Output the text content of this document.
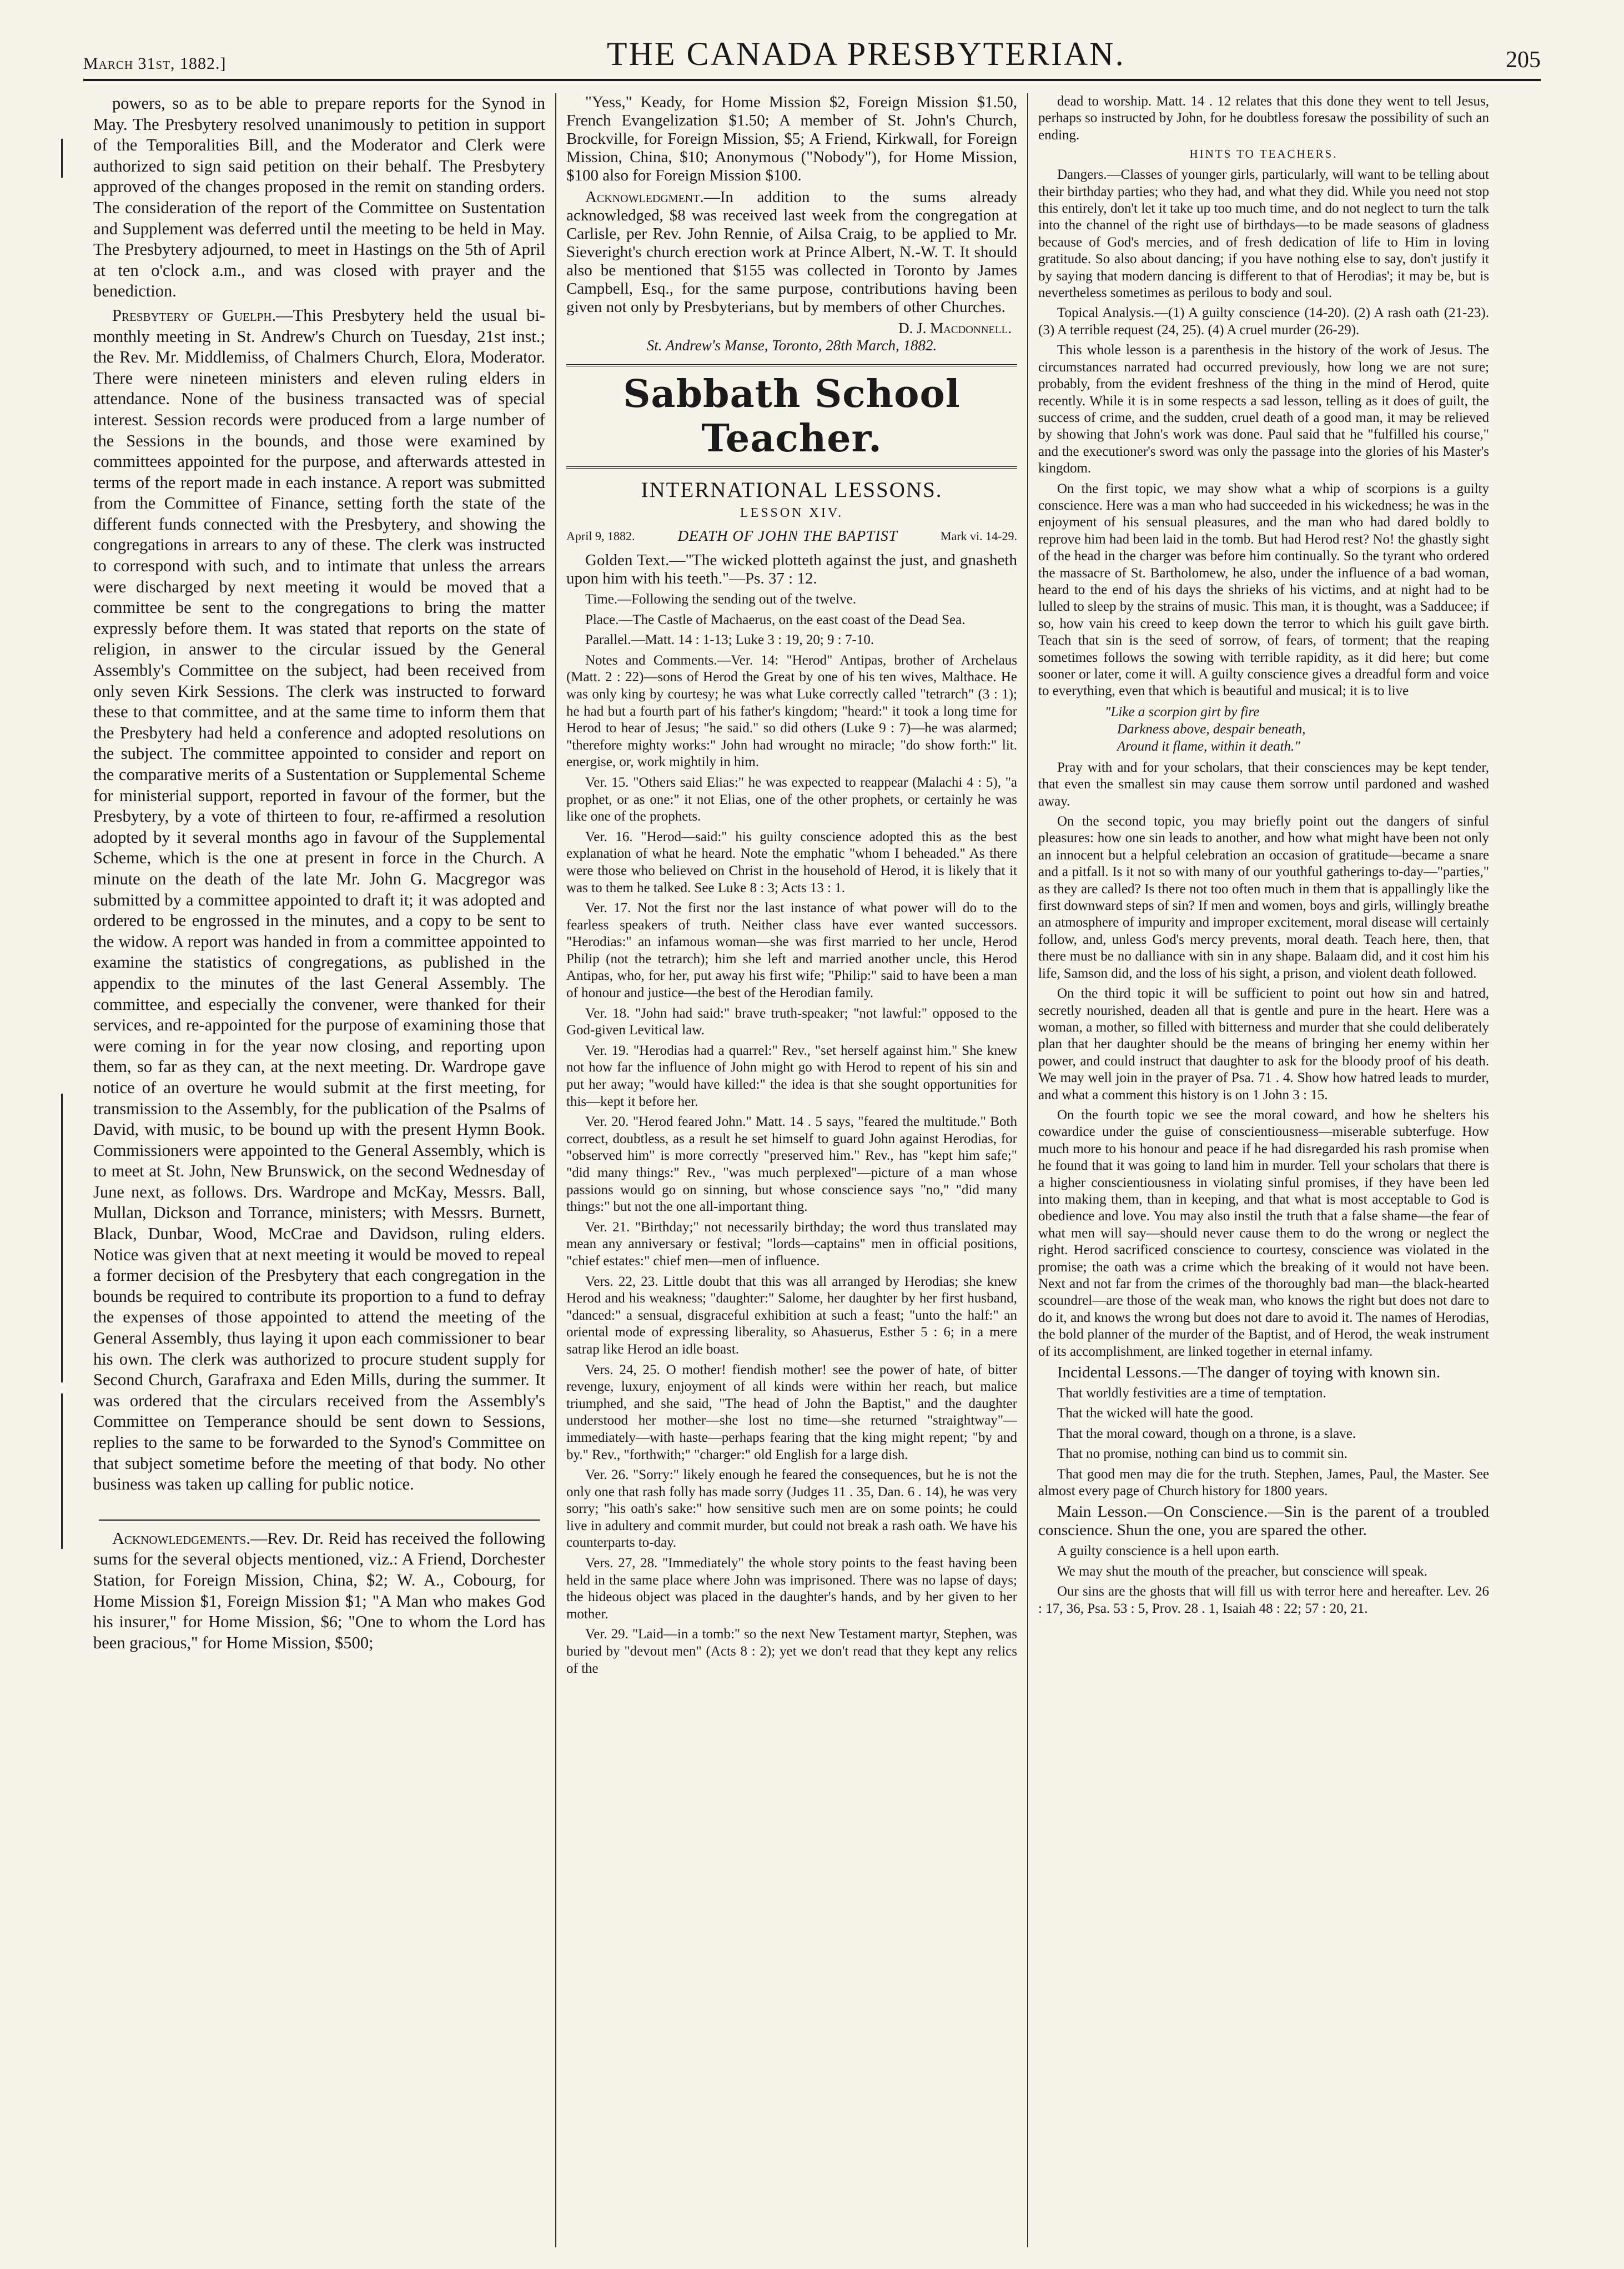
March 31st, 1882.]	THE CANADA PRESBYTERIAN.	205

powers, so as to be able to prepare reports for the Synod in May. The Presbytery resolved unanimously to petition in support of the Temporalities Bill, and the Moderator and Clerk were authorized to sign said petition on their behalf. The Presbytery approved of the changes proposed in the remit on standing orders. The consideration of the report of the Committee on Sustentation and Supplement was deferred until the meeting to be held in May. The Presbytery adjourned, to meet in Hastings on the 5th of April at ten o'clock a.m., and was closed with prayer and the benediction.

Presbytery of Guelph.—This Presbytery held the usual bi-monthly meeting in St. Andrew's Church on Tuesday, 21st inst.; the Rev. Mr. Middlemiss, of Chalmers Church, Elora, Moderator. There were nineteen ministers and eleven ruling elders in attendance. None of the business transacted was of special interest. Session records were produced from a large number of the Sessions in the bounds, and those were examined by committees appointed for the purpose, and afterwards attested in terms of the report made in each instance. A report was submitted from the Committee of Finance, setting forth the state of the different funds connected with the Presbytery, and showing the congregations in arrears to any of these. The clerk was instructed to correspond with such, and to intimate that unless the arrears were discharged by next meeting it would be moved that a committee be sent to the congregations to bring the matter expressly before them. It was stated that reports on the state of religion, in answer to the circular issued by the General Assembly's Committee on the subject, had been received from only seven Kirk Sessions. The clerk was instructed to forward these to that committee, and at the same time to inform them that the Presbytery had held a conference and adopted resolutions on the subject. The committee appointed to consider and report on the comparative merits of a Sustentation or Supplemental Scheme for ministerial support, reported in favour of the former, but the Presbytery, by a vote of thirteen to four, re-affirmed a resolution adopted by it several months ago in favour of the Supplemental Scheme, which is the one at present in force in the Church. A minute on the death of the late Mr. John G. Macgregor was submitted by a committee appointed to draft it; it was adopted and ordered to be engrossed in the minutes, and a copy to be sent to the widow. A report was handed in from a committee appointed to examine the statistics of congregations, as published in the appendix to the minutes of the last General Assembly. The committee, and especially the convener, were thanked for their services, and re-appointed for the purpose of examining those that were coming in for the year now closing, and reporting upon them, so far as they can, at the next meeting. Dr. Wardrope gave notice of an overture he would submit at the first meeting, for transmission to the Assembly, for the publication of the Psalms of David, with music, to be bound up with the present Hymn Book. Commissioners were appointed to the General Assembly, which is to meet at St. John, New Brunswick, on the second Wednesday of June next, as follows. Drs. Wardrope and McKay, Messrs. Ball, Mullan, Dickson and Torrance, ministers; with Messrs. Burnett, Black, Dunbar, Wood, McCrae and Davidson, ruling elders. Notice was given that at next meeting it would be moved to repeal a former decision of the Presbytery that each congregation in the bounds be required to contribute its proportion to a fund to defray the expenses of those appointed to attend the meeting of the General Assembly, thus laying it upon each commissioner to bear his own. The clerk was authorized to procure student supply for Second Church, Garafraxa and Eden Mills, during the summer. It was ordered that the circulars received from the Assembly's Committee on Temperance should be sent down to Sessions, replies to the same to be forwarded to the Synod's Committee on that subject sometime before the meeting of that body. No other business was taken up calling for public notice.

Acknowledgements.—Rev. Dr. Reid has received the following sums for the several objects mentioned, viz.: A Friend, Dorchester Station, for Foreign Mission, China, $2; W. A., Cobourg, for Home Mission $1, Foreign Mission $1; "A Man who makes God his insurer," for Home Mission, $6; "One to whom the Lord has been gracious," for Home Mission, $500;

"Yess," Keady, for Home Mission $2, Foreign Mission $1.50, French Evangelization $1.50; A member of St. John's Church, Brockville, for Foreign Mission, $5; A Friend, Kirkwall, for Foreign Mission, China, $10; Anonymous ("Nobody"), for Home Mission, $100 also for Foreign Mission $100.

Acknowledgment.—In addition to the sums already acknowledged, $8 was received last week from the congregation at Carlisle, per Rev. John Rennie, of Ailsa Craig, to be applied to Mr. Sieveright's church erection work at Prince Albert, N.-W. T. It should also be mentioned that $155 was collected in Toronto by James Campbell, Esq., for the same purpose, contributions having been given not only by Presbyterians, but by members of other Churches.

D. J. Macdonnell.
St. Andrew's Manse, Toronto, 28th March, 1882.
Sabbath School Teacher.
INTERNATIONAL LESSONS.
LESSON XIV.
April 9, 1882.	DEATH OF JOHN THE BAPTIST	Mark vi. 14-29.

Golden Text.—"The wicked plotteth against the just, and gnasheth upon him with his teeth."—Ps. 37 : 12.

Time.—Following the sending out of the twelve.

Place.—The Castle of Machaerus, on the east coast of the Dead Sea.

Parallel.—Matt. 14 : 1-13; Luke 3 : 19, 20; 9 : 7-10.

Notes and Comments.—Ver. 14: "Herod" Antipas, brother of Archelaus (Matt. 2 : 22)—sons of Herod the Great by one of his ten wives, Malthace. He was only king by courtesy; he was what Luke correctly called "tetrarch" (3 : 1); he had but a fourth part of his father's kingdom; "heard:" it took a long time for Herod to hear of Jesus; "he said." so did others (Luke 9 : 7)—he was alarmed; "therefore mighty works:" John had wrought no miracle; "do show forth:" lit. energise, or, work mightily in him.

Ver. 15. "Others said Elias:" he was expected to reappear (Malachi 4 : 5), "a prophet, or as one:" it not Elias, one of the other prophets, or certainly he was like one of the prophets.

Ver. 16. "Herod—said:" his guilty conscience adopted this as the best explanation of what he heard. Note the emphatic "whom I beheaded." As there were those who believed on Christ in the household of Herod, it is likely that it was to them he talked. See Luke 8 : 3; Acts 13 : 1.

Ver. 17. Not the first nor the last instance of what power will do to the fearless speakers of truth. Neither class have ever wanted successors. "Herodias:" an infamous woman—she was first married to her uncle, Herod Philip (not the tetrarch); him she left and married another uncle, this Herod Antipas, who, for her, put away his first wife; "Philip:" said to have been a man of honour and justice—the best of the Herodian family.

Ver. 18. "John had said:" brave truth-speaker; "not lawful:" opposed to the God-given Levitical law.

Ver. 19. "Herodias had a quarrel:" Rev., "set herself against him." She knew not how far the influence of John might go with Herod to repent of his sin and put her away; "would have killed:" the idea is that she sought opportunities for this—kept it before her.

Ver. 20. "Herod feared John." Matt. 14 . 5 says, "feared the multitude." Both correct, doubtless, as a result he set himself to guard John against Herodias, for "observed him" is more correctly "preserved him." Rev., has "kept him safe;" "did many things:" Rev., "was much perplexed"—picture of a man whose passions would go on sinning, but whose conscience says "no," "did many things:" but not the one all-important thing.

Ver. 21. "Birthday;" not necessarily birthday; the word thus translated may mean any anniversary or festival; "lords—captains" men in official positions, "chief estates:" chief men—men of influence.

Vers. 22, 23. Little doubt that this was all arranged by Herodias; she knew Herod and his weakness; "daughter:" Salome, her daughter by her first husband, "danced:" a sensual, disgraceful exhibition at such a feast; "unto the half:" an oriental mode of expressing liberality, so Ahasuerus, Esther 5 : 6; in a mere satrap like Herod an idle boast.

Vers. 24, 25. O mother! fiendish mother! see the power of hate, of bitter revenge, luxury, enjoyment of all kinds were within her reach, but malice triumphed, and she said, "The head of John the Baptist," and the daughter understood her mother—she lost no time—she returned "straightway"—immediately—with haste—perhaps fearing that the king might repent; "by and by." Rev., "forthwith;" "charger:" old English for a large dish.

Ver. 26. "Sorry:" likely enough he feared the consequences, but he is not the only one that rash folly has made sorry (Judges 11 . 35, Dan. 6 . 14), he was very sorry; "his oath's sake:" how sensitive such men are on some points; he could live in adultery and commit murder, but could not break a rash oath. We have his counterparts to-day.

Vers. 27, 28. "Immediately" the whole story points to the feast having been held in the same place where John was imprisoned. There was no lapse of days; the hideous object was placed in the daughter's hands, and by her given to her mother.

Ver. 29. "Laid—in a tomb:" so the next New Testament martyr, Stephen, was buried by "devout men" (Acts 8 : 2); yet we don't read that they kept any relics of the

dead to worship. Matt. 14 . 12 relates that this done they went to tell Jesus, perhaps so instructed by John, for he doubtless foresaw the possibility of such an ending.

HINTS TO TEACHERS.

Dangers.—Classes of younger girls, particularly, will want to be telling about their birthday parties; who they had, and what they did. While you need not stop this entirely, don't let it take up too much time, and do not neglect to turn the talk into the channel of the right use of birthdays—to be made seasons of gladness because of God's mercies, and of fresh dedication of life to Him in loving gratitude. So also about dancing; if you have nothing else to say, don't justify it by saying that modern dancing is different to that of Herodias'; it may be, but is nevertheless sometimes as perilous to body and soul.

Topical Analysis.—(1) A guilty conscience (14-20). (2) A rash oath (21-23). (3) A terrible request (24, 25). (4) A cruel murder (26-29).

This whole lesson is a parenthesis in the history of the work of Jesus. The circumstances narrated had occurred previously, how long we are not sure; probably, from the evident freshness of the thing in the mind of Herod, quite recently. While it is in some respects a sad lesson, telling as it does of guilt, the success of crime, and the sudden, cruel death of a good man, it may be relieved by showing that John's work was done. Paul said that he "fulfilled his course," and the executioner's sword was only the passage into the glories of his Master's kingdom.

On the first topic, we may show what a whip of scorpions is a guilty conscience. Here was a man who had succeeded in his wickedness; he was in the enjoyment of his sensual pleasures, and the man who had dared boldly to reprove him had been laid in the tomb. But had Herod rest? No! the ghastly sight of the head in the charger was before him continually. So the tyrant who ordered the massacre of St. Bartholomew, he also, under the influence of a bad woman, heard to the end of his days the shrieks of his victims, and at night had to be lulled to sleep by the strains of music. This man, it is thought, was a Sadducee; if so, how vain his creed to keep down the terror to which his guilt gave birth. Teach that sin is the seed of sorrow, of fears, of torment; that the reaping sometimes follows the sowing with terrible rapidity, as it did here; but come sooner or later, come it will. A guilty conscience gives a dreadful form and voice to everything, even that which is beautiful and musical; it is to live

"Like a scorpion girt by fire
Darkness above, despair beneath,
Around it flame, within it death."

Pray with and for your scholars, that their consciences may be kept tender, that even the smallest sin may cause them sorrow until pardoned and washed away.

On the second topic, you may briefly point out the dangers of sinful pleasures: how one sin leads to another, and how what might have been not only an innocent but a helpful celebration an occasion of gratitude—became a snare and a pitfall. Is it not so with many of our youthful gatherings to-day—"parties," as they are called? Is there not too often much in them that is appallingly like the first downward steps of sin? If men and women, boys and girls, willingly breathe an atmosphere of impurity and improper excitement, moral disease will certainly follow, and, unless God's mercy prevents, moral death. Teach here, then, that there must be no dalliance with sin in any shape. Balaam did, and it cost him his life, Samson did, and the loss of his sight, a prison, and violent death followed.

On the third topic it will be sufficient to point out how sin and hatred, secretly nourished, deaden all that is gentle and pure in the heart. Here was a woman, a mother, so filled with bitterness and murder that she could deliberately plan that her daughter should be the means of bringing her enemy within her power, and could instruct that daughter to ask for the bloody proof of his death. We may well join in the prayer of Psa. 71 . 4. Show how hatred leads to murder, and what a comment this history is on 1 John 3 : 15.

On the fourth topic we see the moral coward, and how he shelters his cowardice under the guise of conscientiousness—miserable subterfuge. How much more to his honour and peace if he had disregarded his rash promise when he found that it was going to land him in murder. Tell your scholars that there is a higher conscientiousness in violating sinful promises, if they have been led into making them, than in keeping, and that what is most acceptable to God is obedience and love. You may also instil the truth that a false shame—the fear of what men will say—should never cause them to do the wrong or neglect the right. Herod sacrificed conscience to courtesy, conscience was violated in the promise; the oath was a crime which the breaking of it would not have been. Next and not far from the crimes of the thoroughly bad man—the black-hearted scoundrel—are those of the weak man, who knows the right but does not dare to do it, and knows the wrong but does not dare to avoid it. The names of Herodias, the bold planner of the murder of the Baptist, and of Herod, the weak instrument of its accomplishment, are linked together in eternal infamy.

Incidental Lessons.—The danger of toying with known sin.

That worldly festivities are a time of temptation.

That the wicked will hate the good.

That the moral coward, though on a throne, is a slave.

That no promise, nothing can bind us to commit sin.

That good men may die for the truth. Stephen, James, Paul, the Master. See almost every page of Church history for 1800 years.

Main Lesson.—On Conscience.—Sin is the parent of a troubled conscience. Shun the one, you are spared the other.

A guilty conscience is a hell upon earth.

We may shut the mouth of the preacher, but conscience will speak.

Our sins are the ghosts that will fill us with terror here and hereafter. Lev. 26 : 17, 36, Psa. 53 : 5, Prov. 28 . 1, Isaiah 48 : 22; 57 : 20, 21.
